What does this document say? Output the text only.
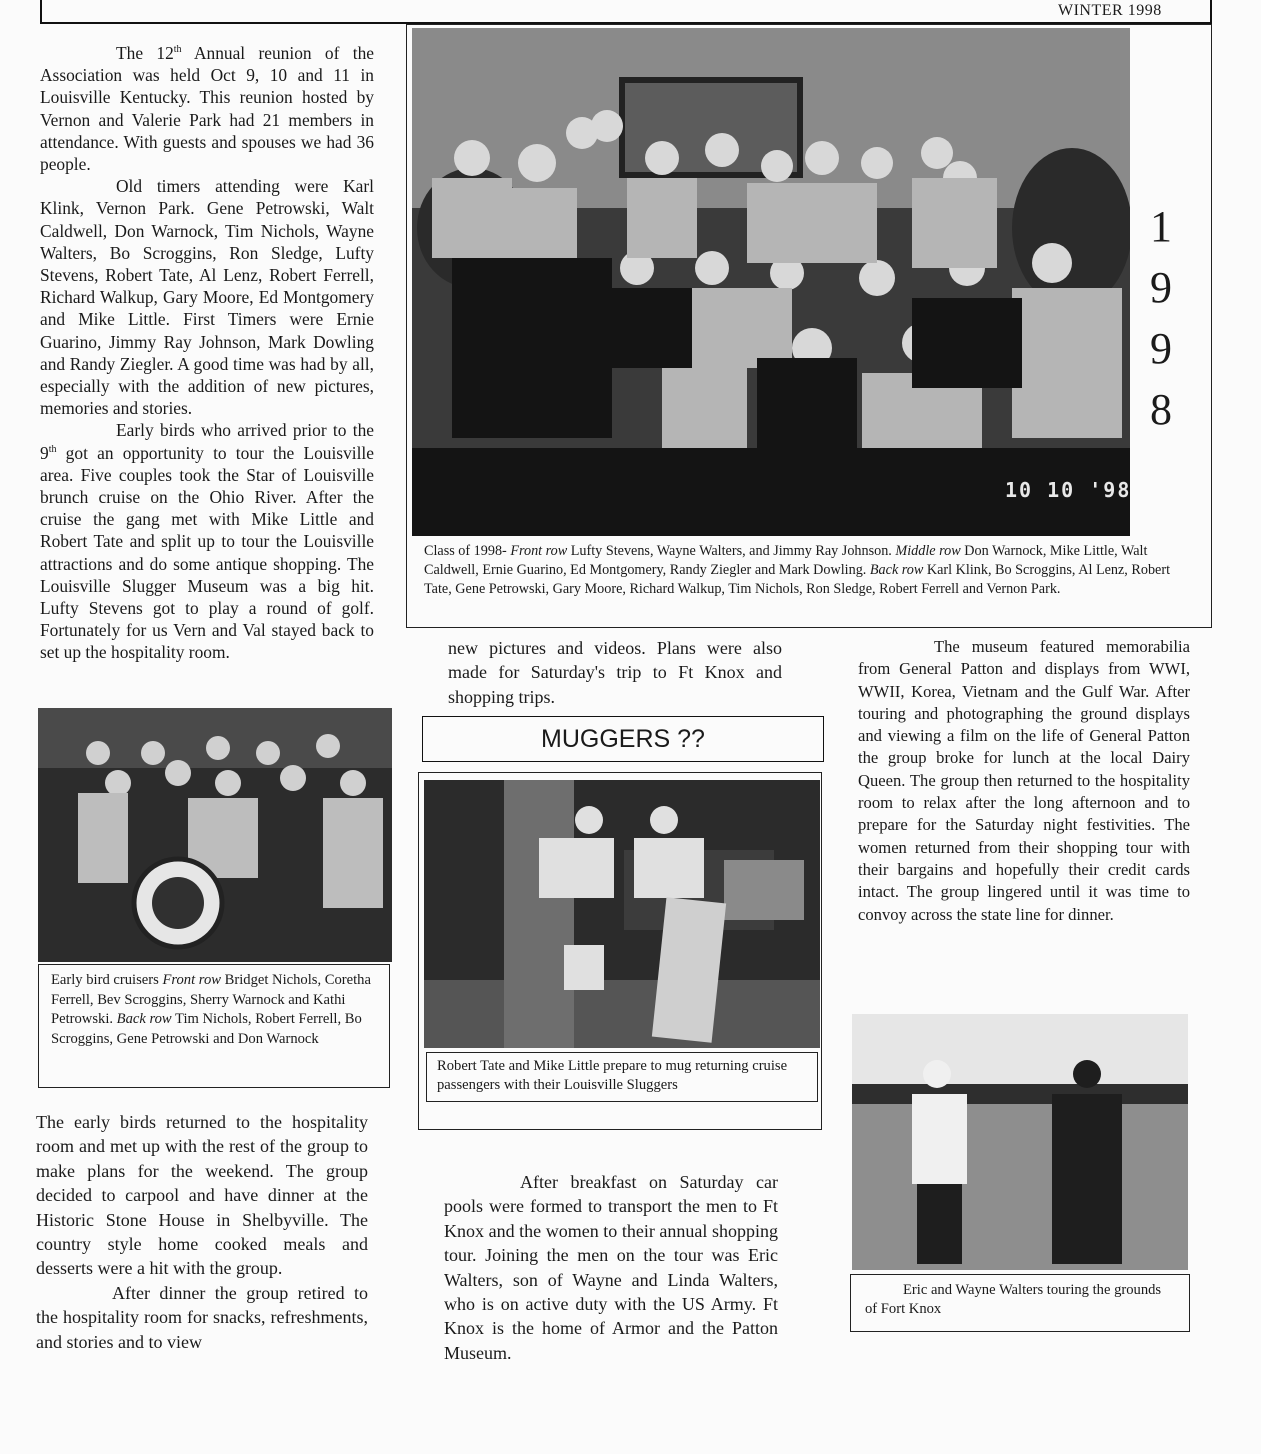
WINTER 1998

The 12th Annual reunion of the Association was held Oct 9, 10 and 11 in Louisville Kentucky. This reunion hosted by Vernon and Valerie Park had 21 members in attendance. With guests and spouses we had 36 people.

Old timers attending were Karl Klink, Vernon Park. Gene Petrowski, Walt Caldwell, Don Warnock, Tim Nichols, Wayne Walters, Bo Scroggins, Ron Sledge, Lufty Stevens, Robert Tate, Al Lenz, Robert Ferrell, Richard Walkup, Gary Moore, Ed Montgomery and Mike Little. First Timers were Ernie Guarino, Jimmy Ray Johnson, Mark Dowling and Randy Ziegler. A good time was had by all, especially with the addition of new pictures, memories and stories.

Early birds who arrived prior to the 9th got an opportunity to tour the Louisville area. Five couples took the Star of Louisville brunch cruise on the Ohio River. After the cruise the gang met with Mike Little and Robert Tate and split up to tour the Louisville attractions and do some antique shopping. The Louisville Slugger Museum was a big hit. Lufty Stevens got to play a round of golf. Fortunately for us Vern and Val stayed back to set up the hospitality room.

10 10 '98
1
9
9
8
Class of 1998- Front row Lufty Stevens, Wayne Walters, and Jimmy Ray Johnson. Middle row Don Warnock, Mike Little, Walt Caldwell, Ernie Guarino, Ed Montgomery, Randy Ziegler and Mark Dowling. Back row Karl Klink, Bo Scroggins, Al Lenz, Robert Tate, Gene Petrowski, Gary Moore, Richard Walkup, Tim Nichols, Ron Sledge, Robert Ferrell and Vernon Park.
Early bird cruisers Front row Bridget Nichols, Coretha Ferrell, Bev Scroggins, Sherry Warnock and Kathi Petrowski. Back row Tim Nichols, Robert Ferrell, Bo Scroggins, Gene Petrowski and Don Warnock

The early birds returned to the hospitality room and met up with the rest of the group to make plans for the weekend. The group decided to carpool and have dinner at the Historic Stone House in Shelbyville. The country style home cooked meals and desserts were a hit with the group.

After dinner the group retired to the hospitality room for snacks, refreshments, and stories and to view

new pictures and videos. Plans were also made for Saturday's trip to Ft Knox and shopping trips.

MUGGERS ??
Robert Tate and Mike Little prepare to mug returning cruise passengers with their Louisville Sluggers

After breakfast on Saturday car pools were formed to transport the men to Ft Knox and the women to their annual shopping tour. Joining the men on the tour was Eric Walters, son of Wayne and Linda Walters, who is on active duty with the US Army. Ft Knox is the home of Armor and the Patton Museum.

The museum featured memorabilia from General Patton and displays from WWI, WWII, Korea, Vietnam and the Gulf War. After touring and photographing the ground displays and viewing a film on the life of General Patton the group broke for lunch at the local Dairy Queen. The group then returned to the hospitality room to relax after the long afternoon and to prepare for the Saturday night festivities. The women returned from their shopping tour with their bargains and hopefully their credit cards intact. The group lingered until it was time to convoy across the state line for dinner.

Eric and Wayne Walters touring the grounds of Fort Knox
